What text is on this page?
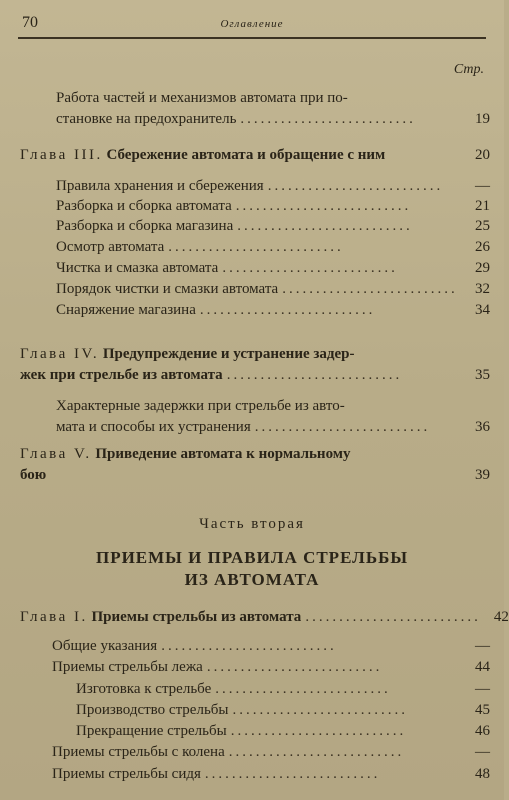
70	Оглавление
Стр.
Работа частей и механизмов автомата при по-
становке на предохранитель ..........................	19
Глава III. Сбережение автомата и обращение с ним	20
Правила хранения и сбережения ..........................	—
Разборка и сборка автомата ..........................	21
Разборка и сборка магазина ..........................	25
Осмотр автомата ..........................	26
Чистка и смазка автомата ..........................	29
Порядок чистки и смазки автомата ..........................	32
Снаряжение магазина ..........................	34
Глава IV. Предупреждение и устранение задер-
жек при стрельбе из автомата ..........................	35
Характерные задержки при стрельбе из авто-
мата и способы их устранения ..........................	36
Глава V. Приведение автомата к нормальному
бою	39
Часть вторая
ПРИЕМЫ И ПРАВИЛА СТРЕЛЬБЫ
ИЗ АВТОМАТА
Глава I. Приемы стрельбы из автомата .......................... 42
Общие указания ..........................	—
Приемы стрельбы лежа ..........................	44
Изготовка к стрельбе ..........................	—
Производство стрельбы ..........................	45
Прекращение стрельбы ..........................	46
Приемы стрельбы с колена ..........................	—
Приемы стрельбы сидя ..........................	48
